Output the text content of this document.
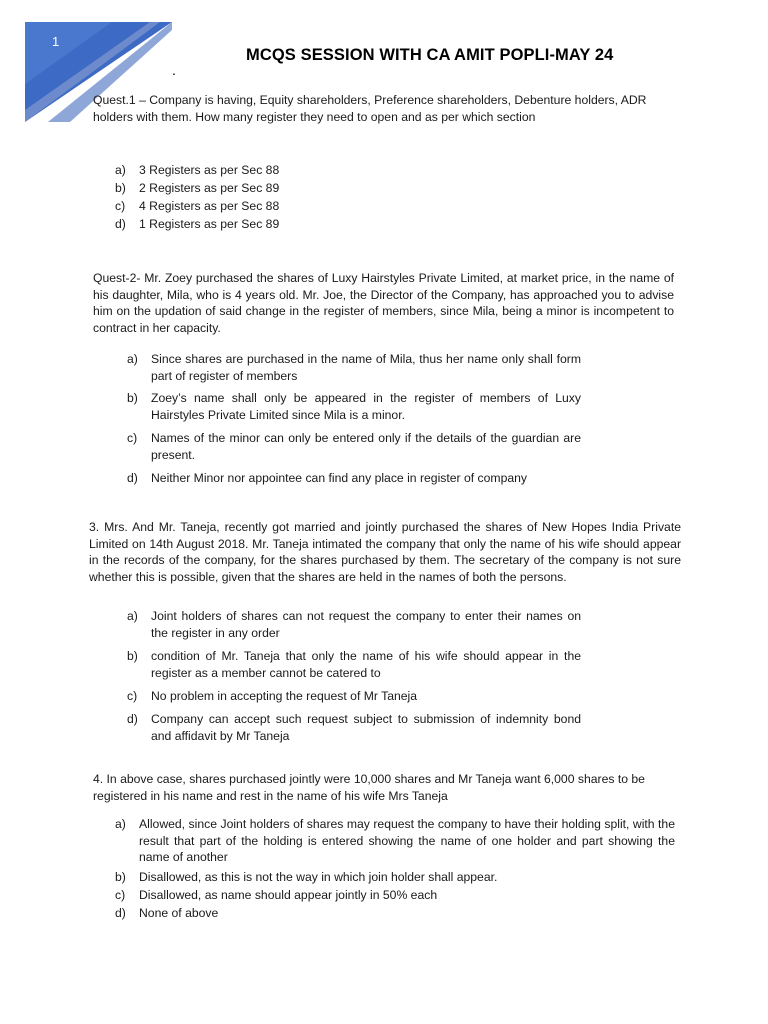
1
MCQS SESSION WITH CA AMIT POPLI-MAY 24
.
Quest.1 – Company is having, Equity shareholders, Preference shareholders, Debenture holders, ADR holders with them. How many register they need to open and as per which section
a)	3 Registers as per Sec 88
b)	2 Registers as per Sec 89
c)	4 Registers as per Sec 88
d)	1 Registers as per Sec 89
Quest-2- Mr. Zoey purchased the shares of Luxy Hairstyles Private Limited, at market price, in the name of his daughter, Mila, who is 4 years old. Mr. Joe, the Director of the Company, has approached you to advise him on the updation of said change in the register of members, since Mila, being a minor is incompetent to contract in her capacity.
a)	Since shares are purchased in the name of Mila, thus her name only shall form part of register of members
b)	Zoey’s name shall only be appeared in the register of members of Luxy Hairstyles Private Limited since Mila is a minor.
c)	Names of the minor can only be entered only if the details of the guardian are present.
d)	Neither Minor nor appointee can find any place in register of company
3. Mrs. And Mr. Taneja, recently got married and jointly purchased the shares of New Hopes India Private Limited on 14th August 2018. Mr. Taneja intimated the company that only the name of his wife should appear in the records of the company, for the shares purchased by them. The secretary of the company is not sure whether this is possible, given that the shares are held in the names of both the persons.
a)	Joint holders of shares can not request the company to enter their names on the register in any order
b)	condition of Mr. Taneja that only the name of his wife should appear in the register as a member cannot be catered to
c)	No problem in accepting the request of Mr Taneja
d)	Company can accept such request subject to submission of indemnity bond and affidavit by Mr Taneja
4. In above case, shares purchased jointly were 10,000 shares and Mr Taneja want 6,000 shares to be registered in his name and rest in the name of his wife Mrs Taneja
a)	Allowed, since Joint holders of shares may request the company to have their holding split, with the result that part of the holding is entered showing the name of one holder and part showing the name of another
b)	Disallowed, as this is not the way in which join holder shall appear.
c)	Disallowed, as name should appear jointly in 50% each
d)	None of above
